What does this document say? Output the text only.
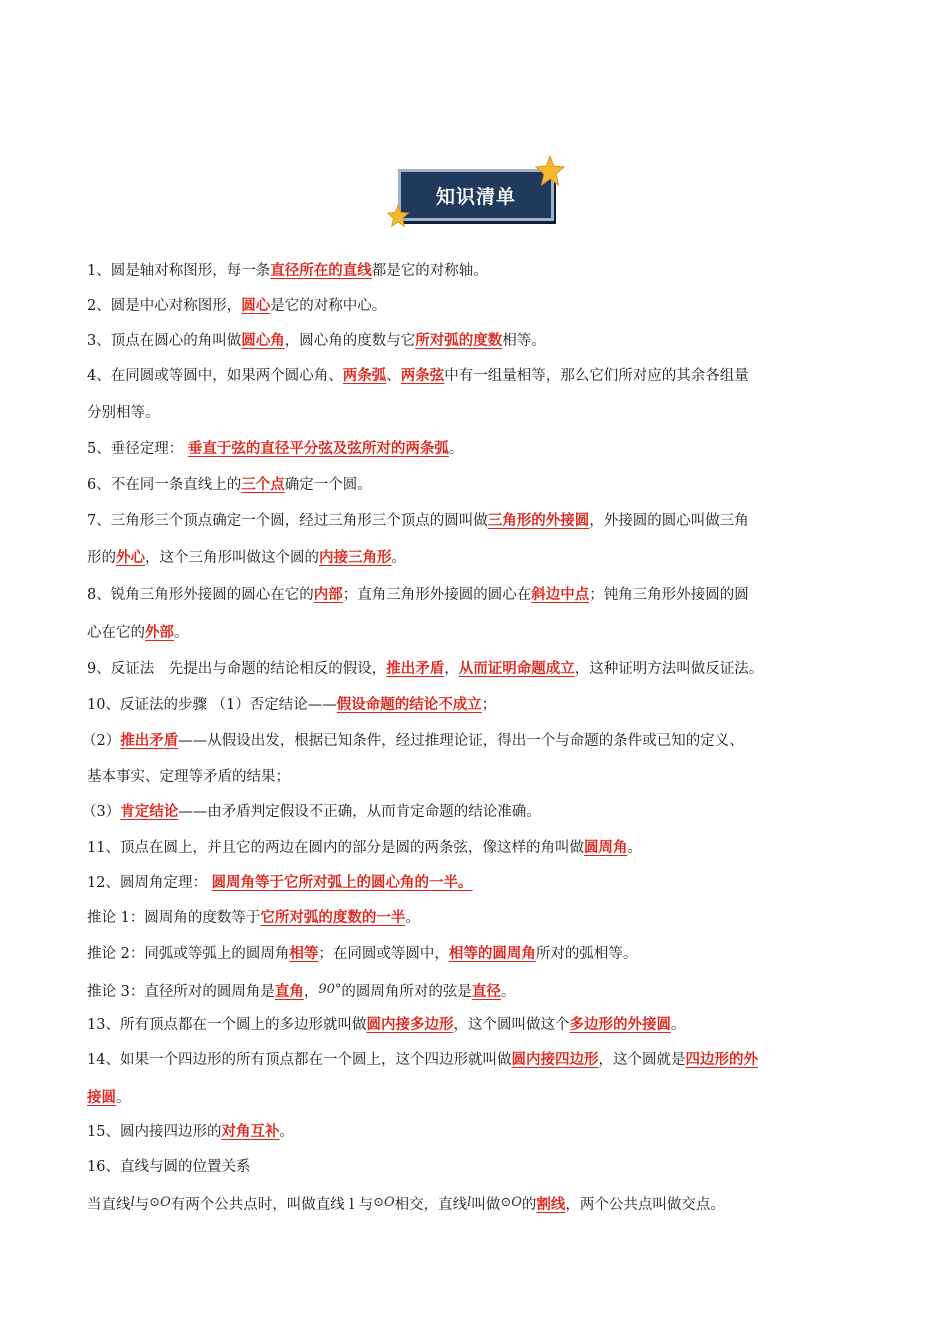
知识清单
1、圆是轴对称图形，每一条直径所在的直线都是它的对称轴。
2、圆是中心对称图形，圆心是它的对称中心。
3、顶点在圆心的角叫做圆心角，圆心角的度数与它所对弧的度数相等。
4、在同圆或等圆中，如果两个圆心角、两条弧、两条弦中有一组量相等，那么它们所对应的其余各组量
分别相等。
5、垂径定理： 垂直于弦的直径平分弦及弦所对的两条弧。
6、不在同一条直线上的三个点确定一个圆。
7、三角形三个顶点确定一个圆，经过三角形三个顶点的圆叫做三角形的外接圆，外接圆的圆心叫做三角
形的外心，这个三角形叫做这个圆的内接三角形。
8、锐角三角形外接圆的圆心在它的内部；直角三角形外接圆的圆心在斜边中点；钝角三角形外接圆的圆
心在它的外部。
9、反证法　先提出与命题的结论相反的假设，推出矛盾，从而证明命题成立，这种证明方法叫做反证法。
10、反证法的步骤 （1）否定结论——假设命题的结论不成立；
（2）推出矛盾——从假设出发，根据已知条件，经过推理论证，得出一个与命题的条件或已知的定义、
基本事实、定理等矛盾的结果；
（3）肯定结论——由矛盾判定假设不正确，从而肯定命题的结论准确。
11、顶点在圆上，并且它的两边在圆内的部分是圆的两条弦，像这样的角叫做圆周角。
12、圆周角定理： 圆周角等于它所对弧上的圆心角的一半。
推论 1：圆周角的度数等于它所对弧的度数的一半。
推论 2：同弧或等弧上的圆周角相等；在同圆或等圆中，相等的圆周角所对的弧相等。
推论 3：直径所对的圆周角是直角，90°的圆周角所对的弦是直径。
13、所有顶点都在一个圆上的多边形就叫做圆内接多边形，这个圆叫做这个多边形的外接圆。
14、如果一个四边形的所有顶点都在一个圆上，这个四边形就叫做圆内接四边形，这个圆就是四边形的外
接圆。
15、圆内接四边形的对角互补。
16、直线与圆的位置关系
当直线l与⊙O有两个公共点时，叫做直线 l 与⊙O相交，直线l叫做⊙O的割线，两个公共点叫做交点。
